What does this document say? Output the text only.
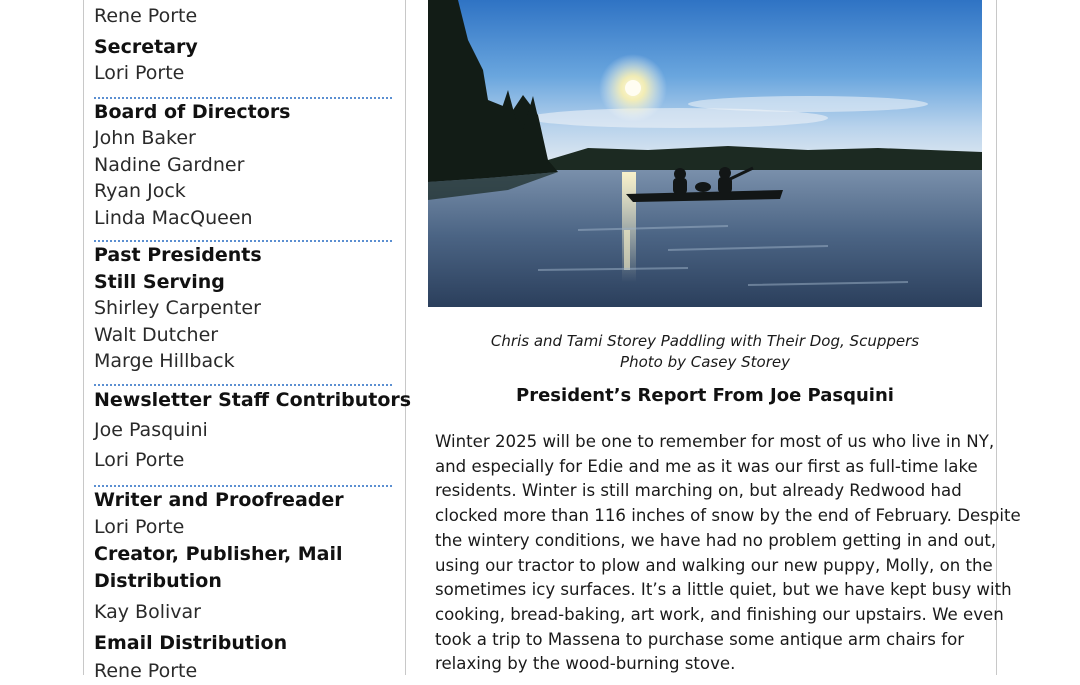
Rene Porte
Secretary
Lori Porte
Board of Directors
John Baker
Nadine Gardner
Ryan Jock
Linda MacQueen
Past Presidents
Still Serving
Shirley Carpenter
Walt Dutcher
Marge Hillback
Newsletter Staff Contributors
Joe Pasquini
Lori Porte
Writer and Proofreader
Lori Porte
Creator, Publisher, Mail
Distribution
Kay Bolivar
Email Distribution
Rene Porte
Chris and Tami Storey Paddling with Their Dog, Scuppers
Photo by Casey Storey
President’s Report From Joe Pasquini
Winter 2025 will be one to remember for most of us who live in NY,
and especially for Edie and me as it was our first as full-time lake
residents. Winter is still marching on, but already Redwood had
clocked more than 116 inches of snow by the end of February. Despite
the wintery conditions, we have had no problem getting in and out,
using our tractor to plow and walking our new puppy, Molly, on the
sometimes icy surfaces. It’s a little quiet, but we have kept busy with
cooking, bread-baking, art work, and finishing our upstairs. We even
took a trip to Massena to purchase some antique arm chairs for
relaxing by the wood-burning stove.
